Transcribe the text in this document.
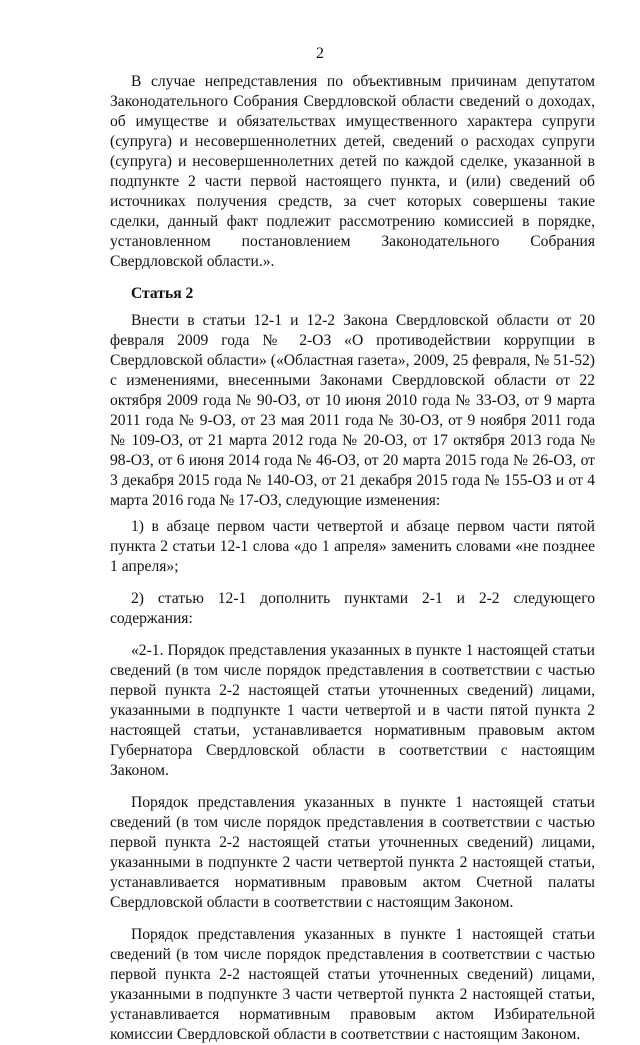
2

В случае непредставления по объективным причинам депутатом Законодательного Собрания Свердловской области сведений о доходах, об имуществе и обязательствах имущественного характера супруги (супруга) и несовершеннолетних детей, сведений о расходах супруги (супруга) и несовершеннолетних детей по каждой сделке, указанной в подпункте 2 части первой настоящего пункта, и (или) сведений об источниках получения средств, за счет которых совершены такие сделки, данный факт подлежит рассмотрению комиссией в порядке, установленном постановлением Законодательного Собрания Свердловской области.».

Статья 2

Внести в статьи 12-1 и 12-2 Закона Свердловской области от 20 февраля 2009 года № 2-ОЗ «О противодействии коррупции в Свердловской области» («Областная газета», 2009, 25 февраля, № 51-52) с изменениями, внесенными Законами Свердловской области от 22 октября 2009 года № 90-ОЗ, от 10 июня 2010 года № 33-ОЗ, от 9 марта 2011 года № 9-ОЗ, от 23 мая 2011 года № 30-ОЗ, от 9 ноября 2011 года № 109-ОЗ, от 21 марта 2012 года № 20-ОЗ, от 17 октября 2013 года № 98-ОЗ, от 6 июня 2014 года № 46-ОЗ, от 20 марта 2015 года № 26-ОЗ, от 3 декабря 2015 года № 140-ОЗ, от 21 декабря 2015 года № 155-ОЗ и от 4 марта 2016 года № 17-ОЗ, следующие изменения:

1) в абзаце первом части четвертой и абзаце первом части пятой пункта 2 статьи 12-1 слова «до 1 апреля» заменить словами «не позднее 1 апреля»;

2) статью 12-1 дополнить пунктами 2-1 и 2-2 следующего содержания:

«2-1. Порядок представления указанных в пункте 1 настоящей статьи сведений (в том числе порядок представления в соответствии с частью первой пункта 2-2 настоящей статьи уточненных сведений) лицами, указанными в подпункте 1 части четвертой и в части пятой пункта 2 настоящей статьи, устанавливается нормативным правовым актом Губернатора Свердловской области в соответствии с настоящим Законом.

Порядок представления указанных в пункте 1 настоящей статьи сведений (в том числе порядок представления в соответствии с частью первой пункта 2-2 настоящей статьи уточненных сведений) лицами, указанными в подпункте 2 части четвертой пункта 2 настоящей статьи, устанавливается нормативным правовым актом Счетной палаты Свердловской области в соответствии с настоящим Законом.

Порядок представления указанных в пункте 1 настоящей статьи сведений (в том числе порядок представления в соответствии с частью первой пункта 2-2 настоящей статьи уточненных сведений) лицами, указанными в подпункте 3 части четвертой пункта 2 настоящей статьи, устанавливается нормативным правовым актом Избирательной комиссии Свердловской области в соответствии с настоящим Законом.
